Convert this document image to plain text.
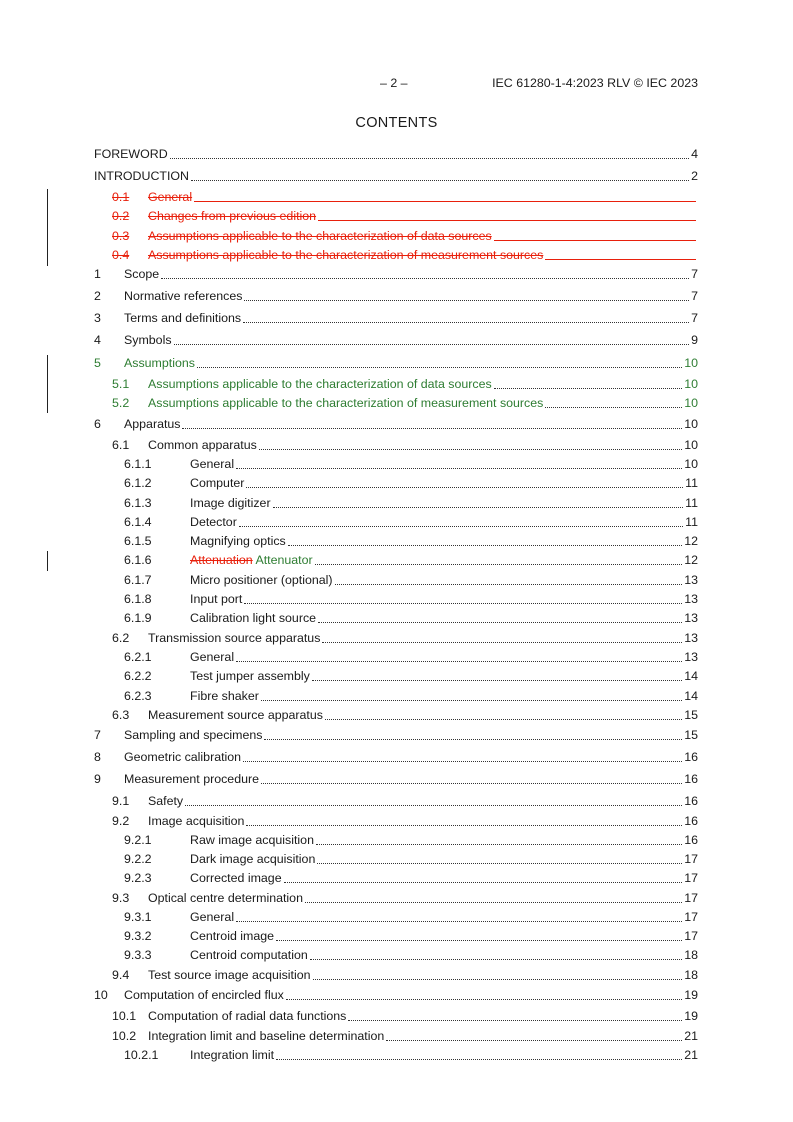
– 2 –	IEC 61280-1-4:2023 RLV © IEC 2023
CONTENTS
FOREWORD	4
INTRODUCTION	2
0.1	General
0.2	Changes from previous edition
0.3	Assumptions applicable to the characterization of data sources
0.4	Assumptions applicable to the characterization of measurement sources
1	Scope	7
2	Normative references	7
3	Terms and definitions	7
4	Symbols	9
5	Assumptions	10
5.1	Assumptions applicable to the characterization of data sources	10
5.2	Assumptions applicable to the characterization of measurement sources	10
6	Apparatus	10
6.1	Common apparatus	10
6.1.1	General	10
6.1.2	Computer	11
6.1.3	Image digitizer	11
6.1.4	Detector	11
6.1.5	Magnifying optics	12
6.1.6	Attenuation Attenuator	12
6.1.7	Micro positioner (optional)	13
6.1.8	Input port	13
6.1.9	Calibration light source	13
6.2	Transmission source apparatus	13
6.2.1	General	13
6.2.2	Test jumper assembly	14
6.2.3	Fibre shaker	14
6.3	Measurement source apparatus	15
7	Sampling and specimens	15
8	Geometric calibration	16
9	Measurement procedure	16
9.1	Safety	16
9.2	Image acquisition	16
9.2.1	Raw image acquisition	16
9.2.2	Dark image acquisition	17
9.2.3	Corrected image	17
9.3	Optical centre determination	17
9.3.1	General	17
9.3.2	Centroid image	17
9.3.3	Centroid computation	18
9.4	Test source image acquisition	18
10	Computation of encircled flux	19
10.1 Computation of radial data functions	19
10.2 Integration limit and baseline determination	21
10.2.1	Integration limit	21
